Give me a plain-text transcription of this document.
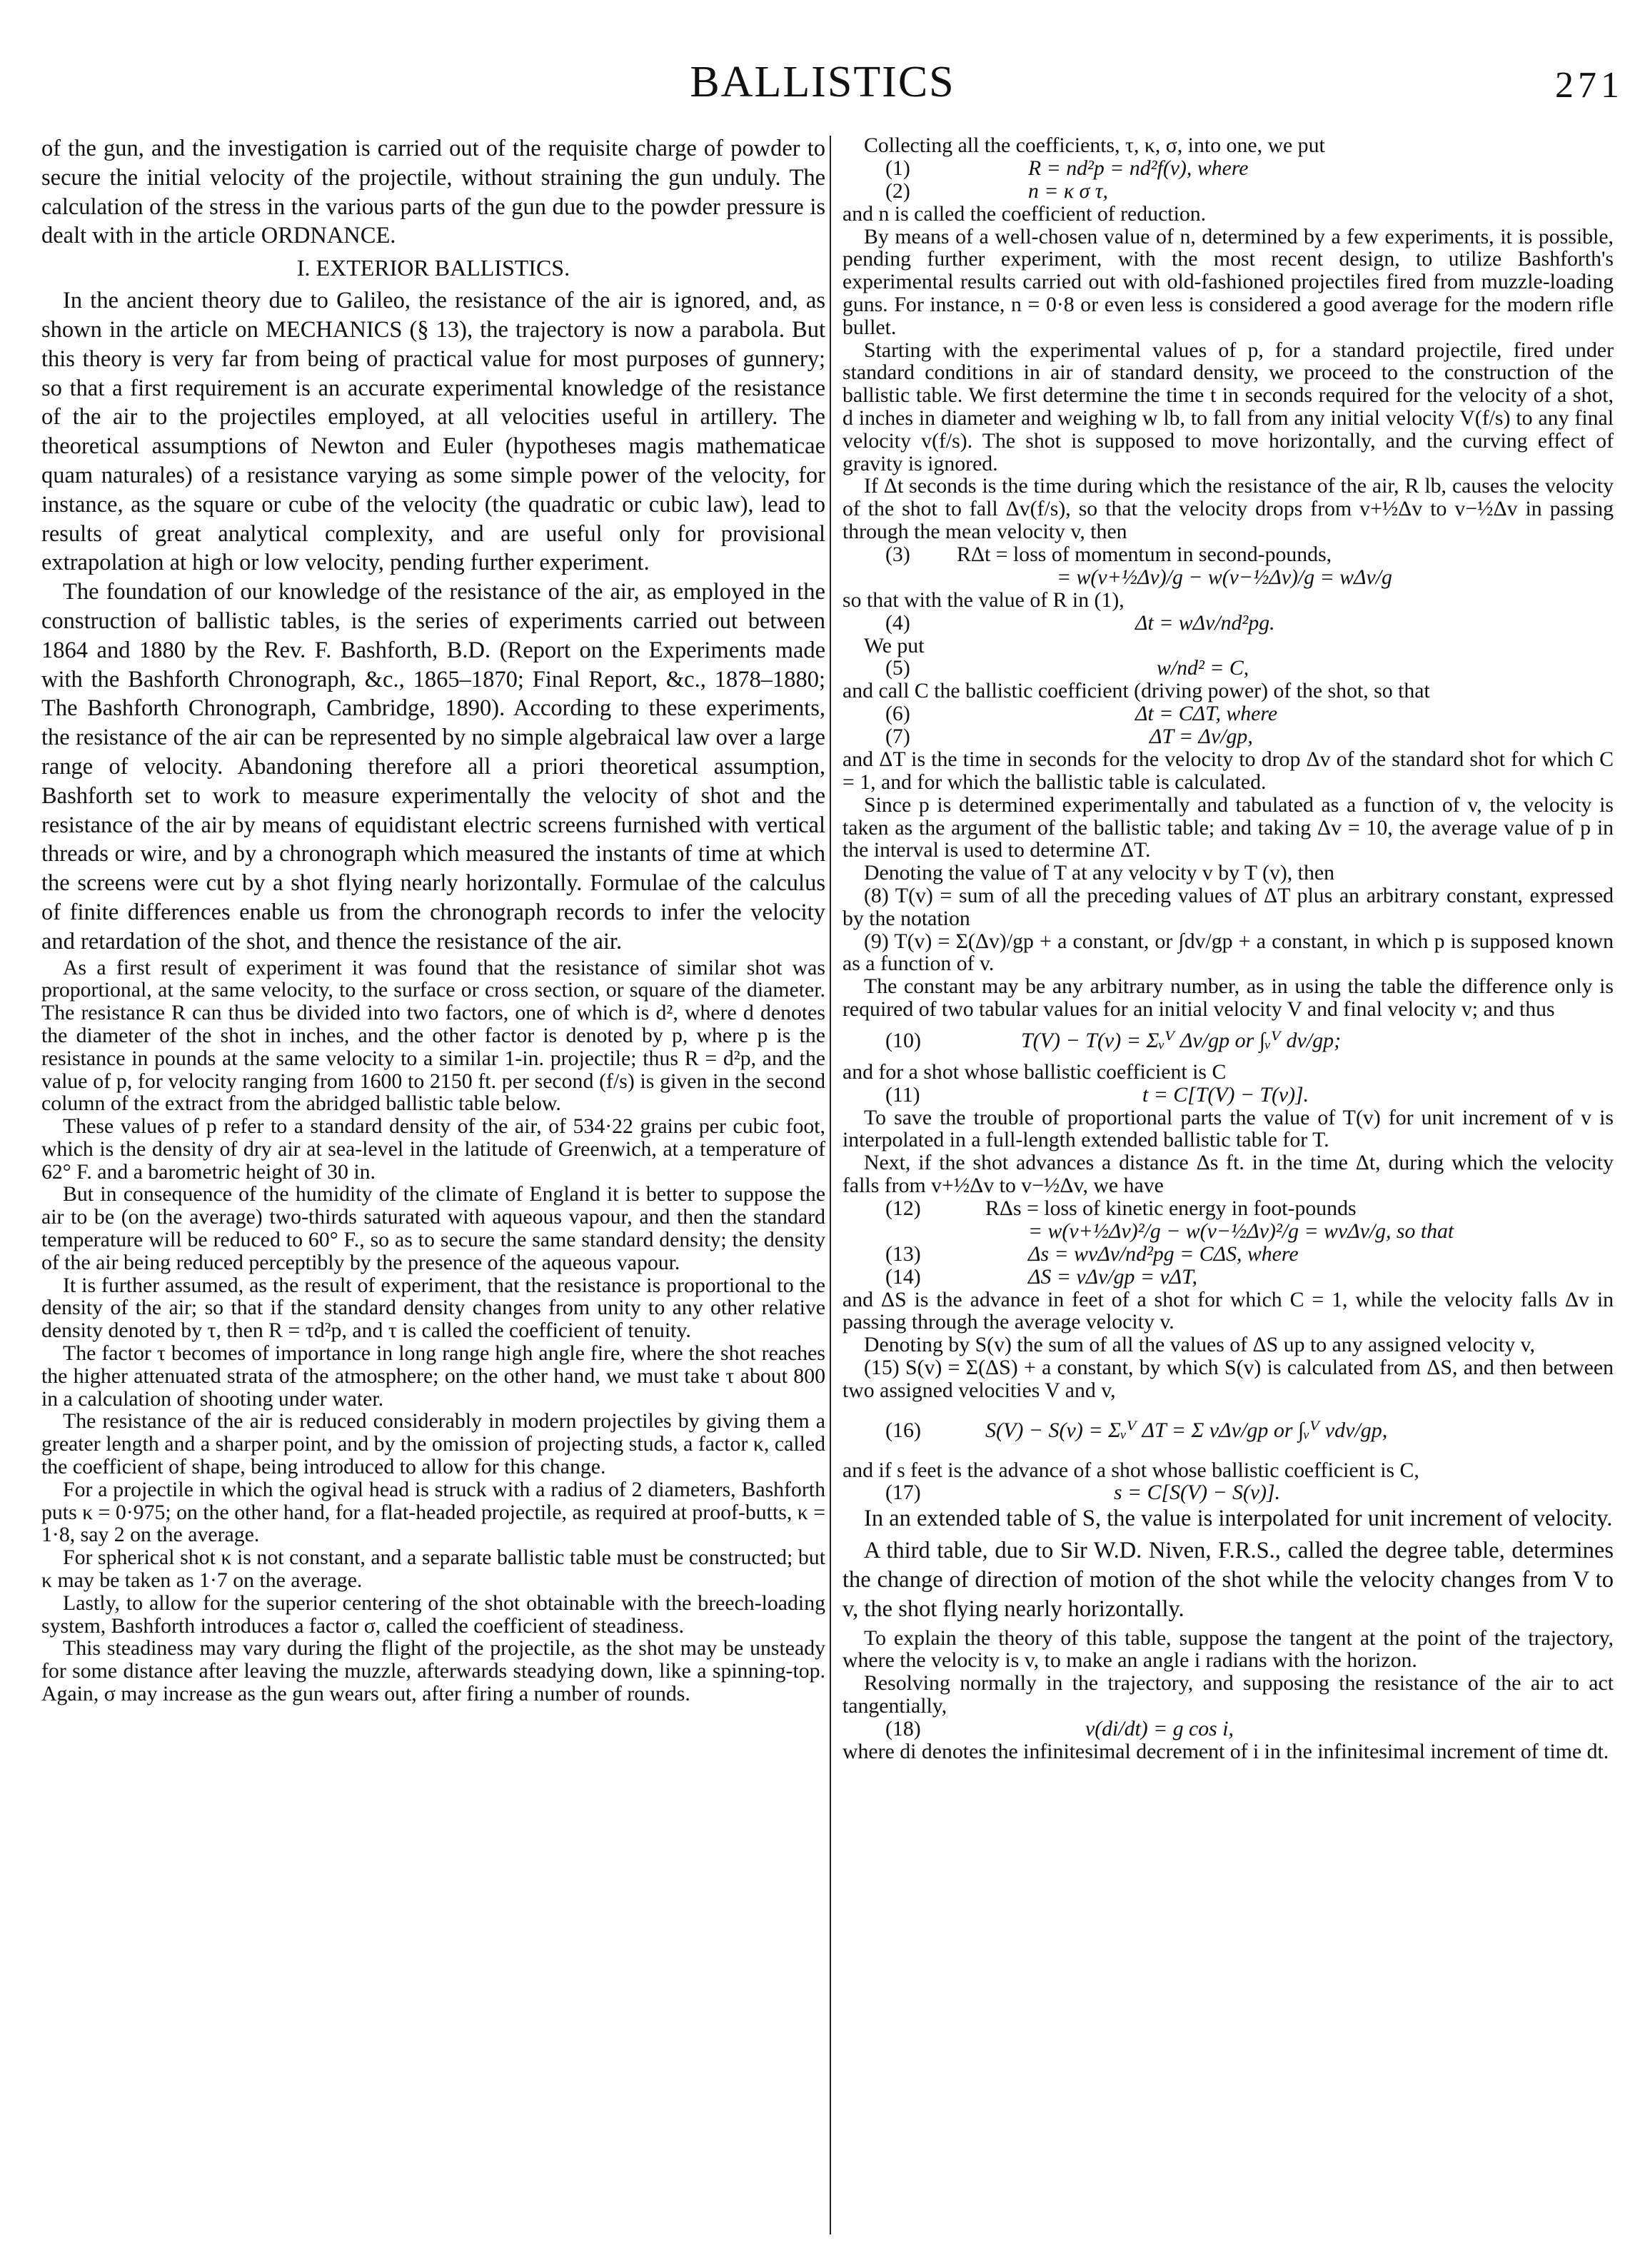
BALLISTICS	271

of the gun, and the investigation is carried out of the requisite charge of powder to secure the initial velocity of the projectile, without straining the gun unduly. The calculation of the stress in the various parts of the gun due to the powder pressure is dealt with in the article ORDNANCE.

I. EXTERIOR BALLISTICS.

In the ancient theory due to Galileo, the resistance of the air is ignored, and, as shown in the article on MECHANICS (§ 13), the trajectory is now a parabola. But this theory is very far from being of practical value for most purposes of gunnery; so that a first requirement is an accurate experimental knowledge of the resistance of the air to the projectiles employed, at all velocities useful in artillery. The theoretical assumptions of Newton and Euler (hypotheses magis mathematicae quam naturales) of a resistance varying as some simple power of the velocity, for instance, as the square or cube of the velocity (the quadratic or cubic law), lead to results of great analytical complexity, and are useful only for provisional extrapolation at high or low velocity, pending further experiment.

The foundation of our knowledge of the resistance of the air, as employed in the construction of ballistic tables, is the series of experiments carried out between 1864 and 1880 by the Rev. F. Bashforth, B.D. (Report on the Experiments made with the Bashforth Chronograph, &c., 1865–1870; Final Report, &c., 1878–1880; The Bashforth Chronograph, Cambridge, 1890). According to these experiments, the resistance of the air can be represented by no simple algebraical law over a large range of velocity. Abandoning therefore all a priori theoretical assumption, Bashforth set to work to measure experimentally the velocity of shot and the resistance of the air by means of equidistant electric screens furnished with vertical threads or wire, and by a chronograph which measured the instants of time at which the screens were cut by a shot flying nearly horizontally. Formulae of the calculus of finite differences enable us from the chronograph records to infer the velocity and retardation of the shot, and thence the resistance of the air.

As a first result of experiment it was found that the resistance of similar shot was proportional, at the same velocity, to the surface or cross section, or square of the diameter. The resistance R can thus be divided into two factors, one of which is d², where d denotes the diameter of the shot in inches, and the other factor is denoted by p, where p is the resistance in pounds at the same velocity to a similar 1-in. projectile; thus R = d²p, and the value of p, for velocity ranging from 1600 to 2150 ft. per second (f/s) is given in the second column of the extract from the abridged ballistic table below.

These values of p refer to a standard density of the air, of 534·22 grains per cubic foot, which is the density of dry air at sea-level in the latitude of Greenwich, at a temperature of 62° F. and a barometric height of 30 in.

But in consequence of the humidity of the climate of England it is better to suppose the air to be (on the average) two-thirds saturated with aqueous vapour, and then the standard temperature will be reduced to 60° F., so as to secure the same standard density; the density of the air being reduced perceptibly by the presence of the aqueous vapour.

It is further assumed, as the result of experiment, that the resistance is proportional to the density of the air; so that if the standard density changes from unity to any other relative density denoted by τ, then R = τd²p, and τ is called the coefficient of tenuity.

The factor τ becomes of importance in long range high angle fire, where the shot reaches the higher attenuated strata of the atmosphere; on the other hand, we must take τ about 800 in a calculation of shooting under water.

The resistance of the air is reduced considerably in modern projectiles by giving them a greater length and a sharper point, and by the omission of projecting studs, a factor κ, called the coefficient of shape, being introduced to allow for this change.

For a projectile in which the ogival head is struck with a radius of 2 diameters, Bashforth puts κ = 0·975; on the other hand, for a flat-headed projectile, as required at proof-butts, κ = 1·8, say 2 on the average.

For spherical shot κ is not constant, and a separate ballistic table must be constructed; but κ may be taken as 1·7 on the average.

Lastly, to allow for the superior centering of the shot obtainable with the breech-loading system, Bashforth introduces a factor σ, called the coefficient of steadiness.

This steadiness may vary during the flight of the projectile, as the shot may be unsteady for some distance after leaving the muzzle, afterwards steadying down, like a spinning-top. Again, σ may increase as the gun wears out, after firing a number of rounds.

Collecting all the coefficients, τ, κ, σ, into one, we put

(1)	R = nd²p = nd²f(v), where
(2)	n = κ σ τ,

and n is called the coefficient of reduction.

By means of a well-chosen value of n, determined by a few experiments, it is possible, pending further experiment, with the most recent design, to utilize Bashforth's experimental results carried out with old-fashioned projectiles fired from muzzle-loading guns. For instance, n = 0·8 or even less is considered a good average for the modern rifle bullet.

Starting with the experimental values of p, for a standard projectile, fired under standard conditions in air of standard density, we proceed to the construction of the ballistic table. We first determine the time t in seconds required for the velocity of a shot, d inches in diameter and weighing w lb, to fall from any initial velocity V(f/s) to any final velocity v(f/s). The shot is supposed to move horizontally, and the curving effect of gravity is ignored.

If Δt seconds is the time during which the resistance of the air, R lb, causes the velocity of the shot to fall Δv(f/s), so that the velocity drops from v+½Δv to v−½Δv in passing through the mean velocity v, then

(3) RΔt = loss of momentum in second-pounds,
= w(v+½Δv)/g − w(v−½Δv)/g = wΔv/g

so that with the value of R in (1),

(4)	Δt = wΔv/nd²pg.

We put

(5)	w/nd² = C,

and call C the ballistic coefficient (driving power) of the shot, so that

(6)	Δt = CΔT, where
(7)	ΔT = Δv/gp,

and ΔT is the time in seconds for the velocity to drop Δv of the standard shot for which C = 1, and for which the ballistic table is calculated.

Since p is determined experimentally and tabulated as a function of v, the velocity is taken as the argument of the ballistic table; and taking Δv = 10, the average value of p in the interval is used to determine ΔT.

Denoting the value of T at any velocity v by T (v), then

(8) T(v) = sum of all the preceding values of ΔT plus an arbitrary constant, expressed by the notation

(9) T(v) = Σ(Δv)/gp + a constant, or ∫dv/gp + a constant, in which p is supposed known as a function of v.

The constant may be any arbitrary number, as in using the table the difference only is required of two tabular values for an initial velocity V and final velocity v; and thus

(10)	T(V) − T(v) = Σᵥⱽ Δv/gp or ∫ᵥⱽ dv/gp;

and for a shot whose ballistic coefficient is C

(11)	t = C[T(V) − T(v)].

To save the trouble of proportional parts the value of T(v) for unit increment of v is interpolated in a full-length extended ballistic table for T.

Next, if the shot advances a distance Δs ft. in the time Δt, during which the velocity falls from v+½Δv to v−½Δv, we have

(12)	RΔs = loss of kinetic energy in foot-pounds
= w(v+½Δv)²/g − w(v−½Δv)²/g = wvΔv/g, so that
(13)	Δs = wvΔv/nd²pg = CΔS, where
(14)	ΔS = vΔv/gp = vΔT,

and ΔS is the advance in feet of a shot for which C = 1, while the velocity falls Δv in passing through the average velocity v.

Denoting by S(v) the sum of all the values of ΔS up to any assigned velocity v,

(15) S(v) = Σ(ΔS) + a constant, by which S(v) is calculated from ΔS, and then between two assigned velocities V and v,

(16)	S(V) − S(v) = Σᵥⱽ ΔT = Σ vΔv/gp or ∫ᵥⱽ vdv/gp,

and if s feet is the advance of a shot whose ballistic coefficient is C,

(17)	s = C[S(V) − S(v)].

In an extended table of S, the value is interpolated for unit increment of velocity.

A third table, due to Sir W.D. Niven, F.R.S., called the degree table, determines the change of direction of motion of the shot while the velocity changes from V to v, the shot flying nearly horizontally.

To explain the theory of this table, suppose the tangent at the point of the trajectory, where the velocity is v, to make an angle i radians with the horizon.

Resolving normally in the trajectory, and supposing the resistance of the air to act tangentially,

(18)	v(di/dt) = g cos i,

where di denotes the infinitesimal decrement of i in the infinitesimal increment of time dt.
